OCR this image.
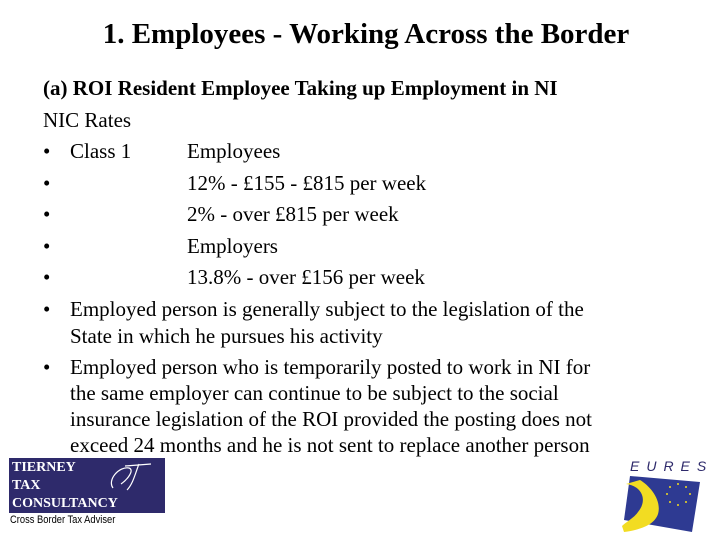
1. Employees - Working Across the Border
(a) ROI Resident Employee Taking up Employment in NI
NIC Rates
• Class 1	Employees
•	12% - £155 - £815 per week
•	2% - over £815 per week
•	Employers
•	13.8% - over £156 per week
• Employed person is generally subject to the legislation of the
State in which he pursues his activity
• Employed person who is temporarily posted to work in NI for
the same employer can continue to be subject to the social
insurance legislation of the ROI provided the posting does not
exceed 24 months and he is not sent to replace another person
TIERNEY
TAX
CONSULTANCY
Cross Border Tax Adviser
EURES
